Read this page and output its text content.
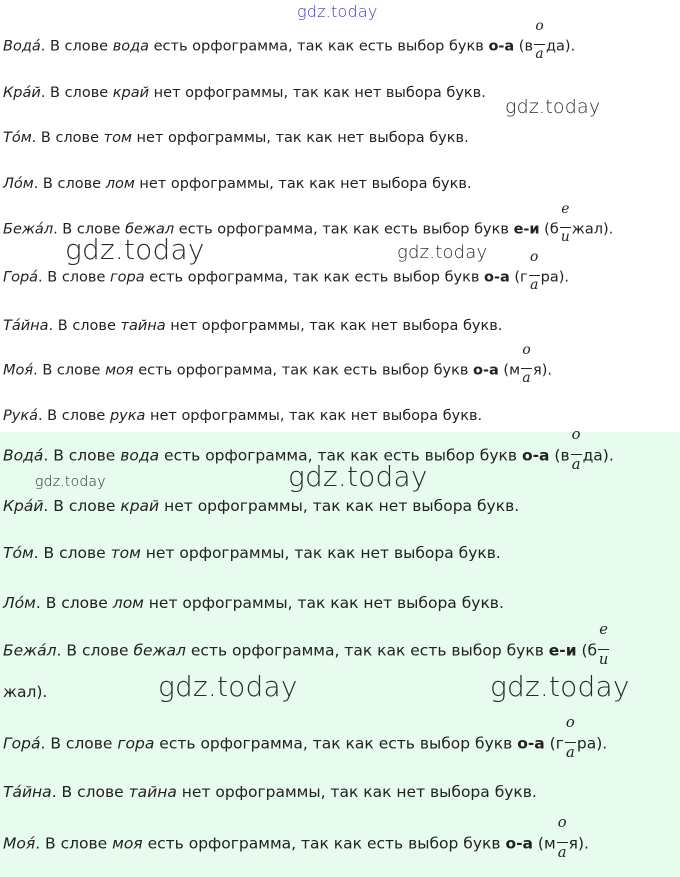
Вода́. В слове вода есть орфограмма, так как есть выбор букв о-а $(в \frac{о}{а} да)$.
Кра́й. В слове край нет орфограммы, так как нет выбора букв.
То́м. В слове том нет орфограммы, так как нет выбора букв.
Ло́м. В слове лом нет орфограммы, так как нет выбора букв.
Бежа́л. В слове бежал есть орфограмма, так как есть выбор букв е-и $(б \frac{е}{и} жал)$.
Гора́. В слове гора есть орфограмма, так как есть выбор букв о-а $(г \frac{о}{а} ра)$.
Та́йна. В слове тайна нет орфограммы, так как нет выбора букв.
Моя́. В слове моя есть орфограмма, так как есть выбор букв о-а $(м \frac{о}{а} я)$.
Рука́. В слове рука нет орфограммы, так как нет выбора букв.
Вода́. В слове вода есть орфограмма, так как есть выбор букв о-а $(в \frac{о}{а} да)$.
Кра́й. В слове край нет орфограммы, так как нет выбора букв.
То́м. В слове том нет орфограммы, так как нет выбора букв.
Ло́м. В слове лом нет орфограммы, так как нет выбора букв.
Бежа́л. В слове бежал есть орфограмма, так как есть выбор букв е-и ($б \frac{е}{и}$
жал).
Гора́. В слове гора есть орфограмма, так как есть выбор букв о-а $(г \frac{о}{а} ра)$.
Та́йна. В слове тайна нет орфограммы, так как нет выбора букв.
Моя́. В слове моя есть орфограмма, так как есть выбор букв о-а $(м \frac{о}{а} я)$.
gdz.today
gdz.today
gdz.today	gdz.today
gdz.today	gdz.today
gdz.today	gdz.today
